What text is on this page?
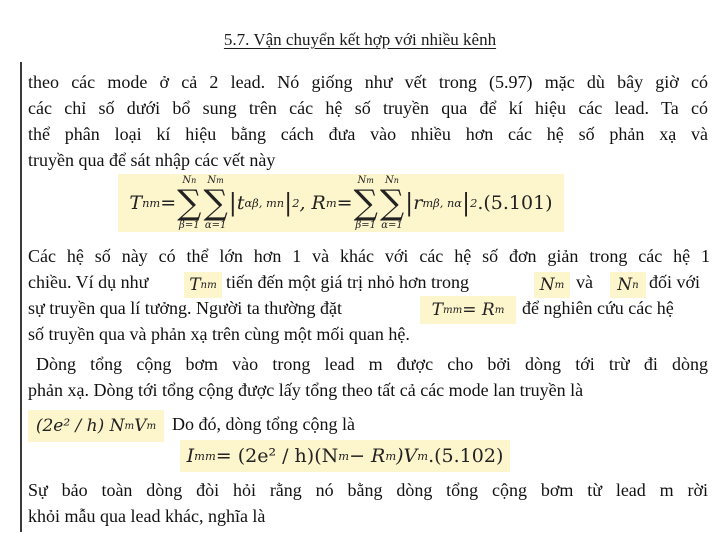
5.7. Vận chuyển kết hợp với nhiều kênh
theo các mode ở cả 2 lead. Nó giống như vết trong (5.97) mặc dù bây giờ có
các chỉ số dưới bổ sung trên các hệ số truyền qua để kí hiệu các lead. Ta có
thể phân loại kí hiệu bằng cách đưa vào nhiều hơn các hệ số phản xạ và
truyền qua để sát nhập các vết này
T nm =
Nn
∑
β=1
Nm
∑
α=1
| t αβ, mn | 2 , R m =
Nm
∑
β=1
Nn
∑
α=1
| r mβ, nα | 2 .(5.101)
Các hệ số này có thể lớn hơn 1 và khác với các hệ số đơn giản trong các hệ 1
chiều. Ví dụ như T nm tiến đến một giá trị nhỏ hơn trong	N m và N n đối với
sự truyền qua lí tưởng. Người ta thường đặt	T mm = R m để nghiên cứu các hệ
số truyền qua và phản xạ trên cùng một mối quan hệ.
Dòng tổng cộng bơm vào trong lead m được cho bởi dòng tới trừ đi dòng
phản xạ. Dòng tới tổng cộng được lấy tổng theo tất cả các mode lan truyền là
(2e² / h) N m V m Do đó, dòng tổng cộng là
I mm = (2e² / h)(N m − R m )V m .(5.102)
Sự bảo toàn dòng đòi hỏi rằng nó bằng dòng tổng cộng bơm từ lead m rời
khỏi mẫu qua lead khác, nghĩa là
